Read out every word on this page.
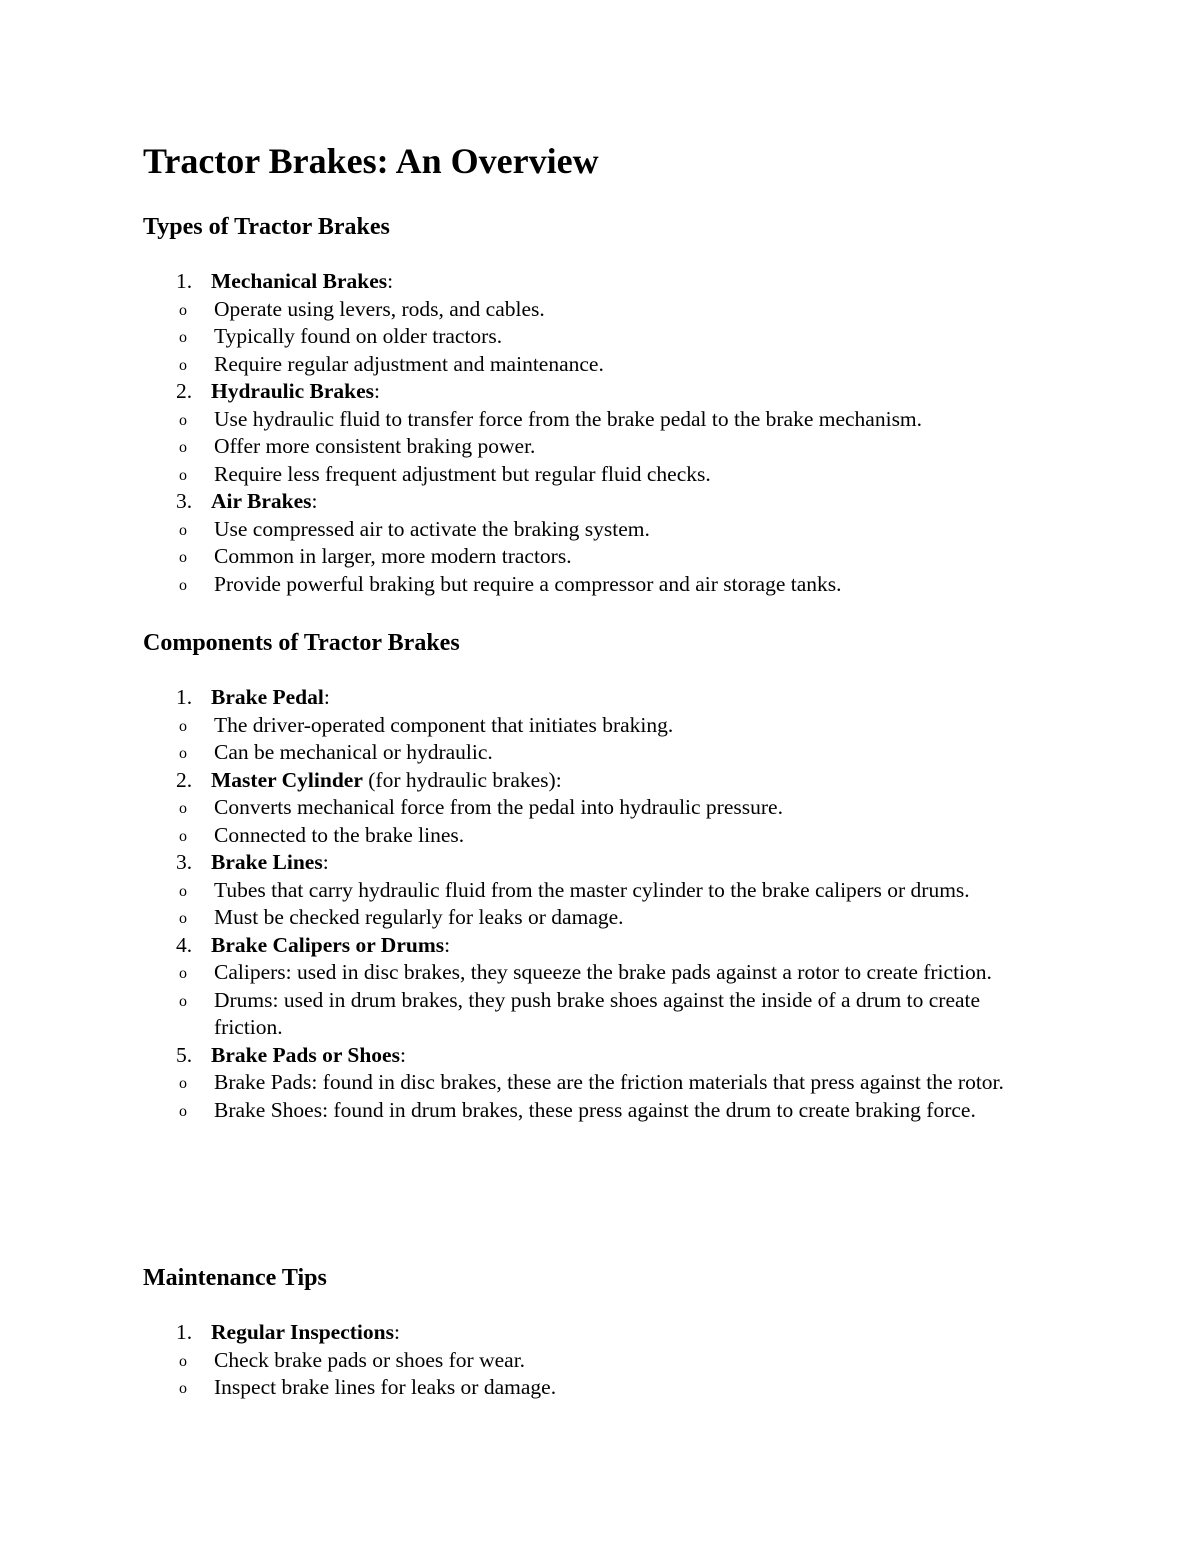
Tractor Brakes: An Overview
Types of Tractor Brakes
1. Mechanical Brakes:
o Operate using levers, rods, and cables.
o Typically found on older tractors.
o Require regular adjustment and maintenance.
2. Hydraulic Brakes:
o Use hydraulic fluid to transfer force from the brake pedal to the brake mechanism.
o Offer more consistent braking power.
o Require less frequent adjustment but regular fluid checks.
3. Air Brakes:
o Use compressed air to activate the braking system.
o Common in larger, more modern tractors.
o Provide powerful braking but require a compressor and air storage tanks.
Components of Tractor Brakes
1. Brake Pedal:
o The driver-operated component that initiates braking.
o Can be mechanical or hydraulic.
2. Master Cylinder (for hydraulic brakes):
o Converts mechanical force from the pedal into hydraulic pressure.
o Connected to the brake lines.
3. Brake Lines:
o Tubes that carry hydraulic fluid from the master cylinder to the brake calipers or drums.
o Must be checked regularly for leaks or damage.
4. Brake Calipers or Drums:
o Calipers: used in disc brakes, they squeeze the brake pads against a rotor to create friction.
o Drums: used in drum brakes, they push brake shoes against the inside of a drum to create friction.
5. Brake Pads or Shoes:
o Brake Pads: found in disc brakes, these are the friction materials that press against the rotor.
o Brake Shoes: found in drum brakes, these press against the drum to create braking force.
Maintenance Tips
1. Regular Inspections:
o Check brake pads or shoes for wear.
o Inspect brake lines for leaks or damage.
